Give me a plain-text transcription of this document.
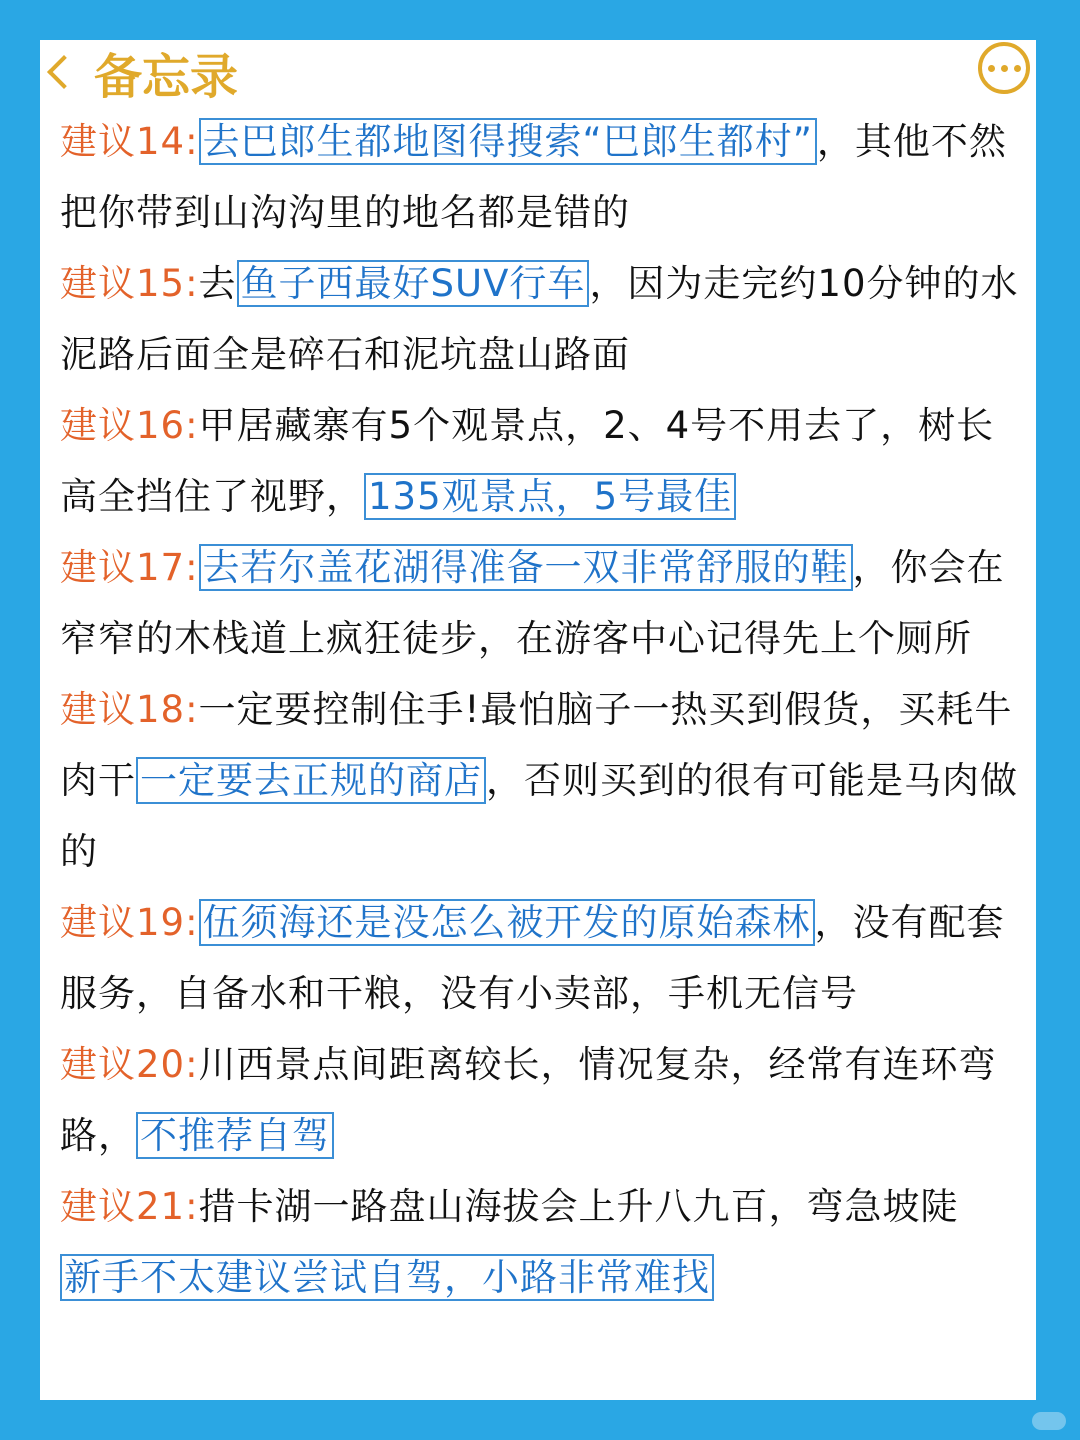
备忘录

建议14: 去巴郎生都地图得搜索“巴郎生都村” ，其他不然把你带到山沟沟里的地名都是错的

建议15:去 鱼子西最好SUV行车 ，因为走完约10分钟的水泥路后面全是碎石和泥坑盘山路面

建议16:甲居藏寨有5个观景点，2、4号不用去了，树长高全挡住了视野， 135观景点，5号最佳

建议17: 去若尔盖花湖得准备一双非常舒服的鞋 ，你会在窄窄的木栈道上疯狂徒步，在游客中心记得先上个厕所

建议18:一定要控制住手!最怕脑子一热买到假货，买耗牛肉干 一定要去正规的商店 ，否则买到的很有可能是马肉做的

建议19: 伍须海还是没怎么被开发的原始森林 ，没有配套服务，自备水和干粮，没有小卖部，手机无信号

建议20:川西景点间距离较长，情况复杂，经常有连环弯路， 不推荐自驾

建议21:措卡湖一路盘山海拔会上升八九百，弯急坡陡
新手不太建议尝试自驾，小路非常难找
